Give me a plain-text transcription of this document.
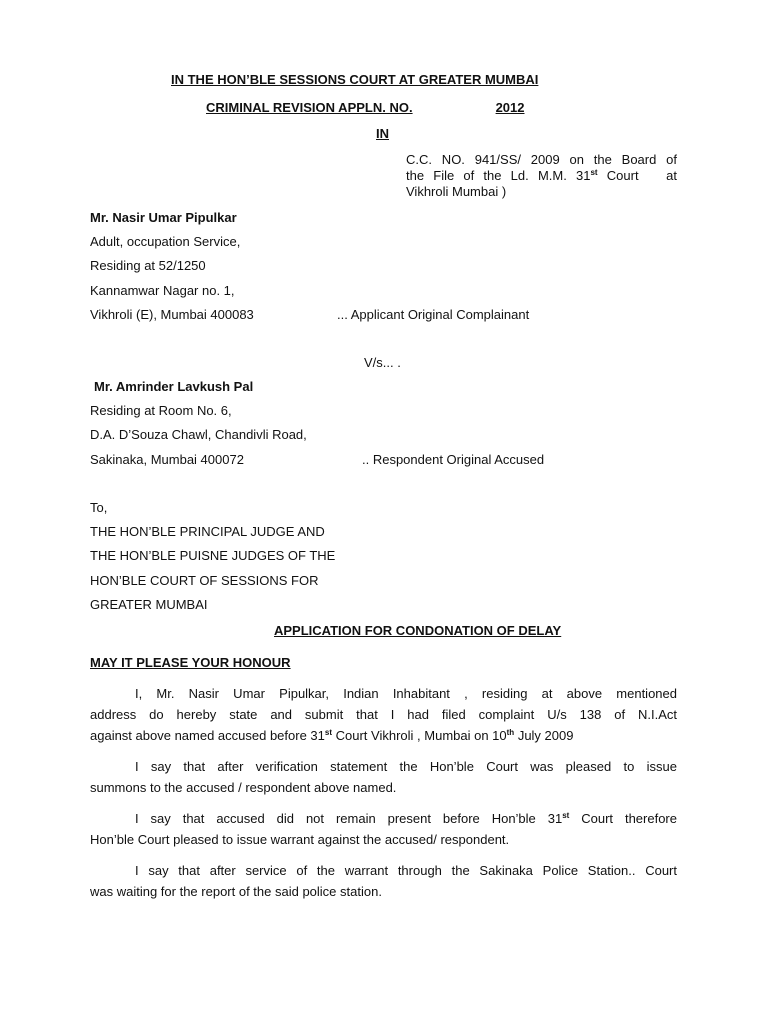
IN THE HON’BLE SESSIONS COURT AT GREATER MUMBAI
CRIMINAL REVISION APPLN. NO.	2012
IN
C.C. NO. 941/SS/ 2009 on the Board of
the File of the Ld. M.M. 31st Court   at
Vikhroli Mumbai )
Mr. Nasir Umar Pipulkar
Adult, occupation Service,
Residing at 52/1250
Kannamwar Nagar no. 1,
Vikhroli (E), Mumbai 400083	... Applicant Original Complainant
V/s... .
Mr. Amrinder Lavkush Pal
Residing at Room No. 6,
D.A. D’Souza Chawl, Chandivli Road,
Sakinaka, Mumbai 400072	.. Respondent Original Accused
To,
THE HON’BLE PRINCIPAL JUDGE AND
THE HON’BLE PUISNE JUDGES OF THE
HON’BLE COURT OF SESSIONS FOR
GREATER MUMBAI
APPLICATION FOR CONDONATION OF DELAY
MAY IT PLEASE YOUR HONOUR
I, Mr. Nasir Umar Pipulkar, Indian Inhabitant , residing at above mentioned
address do hereby state and submit that I had filed complaint U/s 138 of N.I.Act
against above named accused before 31st Court Vikhroli , Mumbai on 10th July 2009
I say that after verification statement the Hon’ble Court was pleased to issue
summons to the accused / respondent above named.
I say that accused did not remain present before Hon’ble 31st Court therefore
Hon’ble Court pleased to issue warrant against the accused/ respondent.
I say that after service of the warrant through the Sakinaka Police Station.. Court
was waiting for the report of the said police station.
